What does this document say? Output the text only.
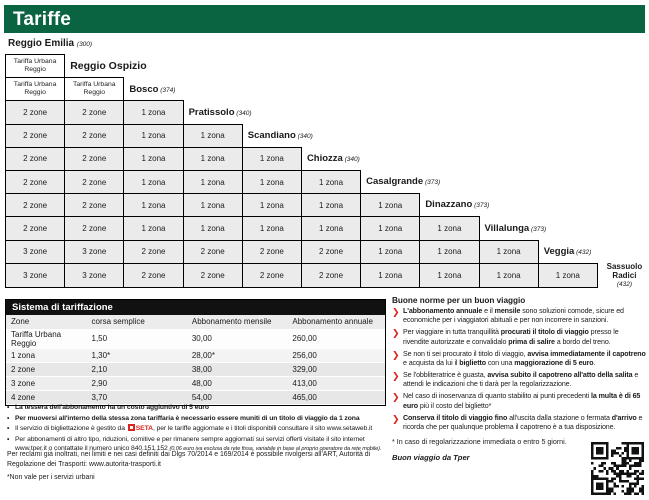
Tariffe
Reggio Emilia (300)
Tariffa Urbana Reggio	Reggio Ospizio									
Tariffa Urbana Reggio	Tariffa Urbana Reggio	Bosco (374)								
2 zone	2 zone	1 zona	Pratissolo (340)							
2 zone	2 zone	1 zona	1 zona	Scandiano (340)						
2 zone	2 zone	1 zona	1 zona	1 zona	Chiozza (340)					
2 zone	2 zone	1 zona	1 zona	1 zona	1 zona	Casalgrande (373)				
2 zone	2 zone	1 zona	1 zona	1 zona	1 zona	1 zona	Dinazzano (373)			
2 zone	2 zone	1 zona	1 zona	1 zona	1 zona	1 zona	1 zona	Villalunga (373)		
3 zone	3 zone	2 zone	2 zone	2 zone	2 zone	1 zona	1 zona	1 zona	Veggia (432)	
3 zone	3 zone	2 zone	2 zone	2 zone	2 zone	1 zona	1 zona	1 zona	1 zona	Sassuolo Radici
(432)
Sistema di tariffazione
Zone	corsa semplice	Abbonamento mensile	Abbonamento annuale
Tariffa Urbana Reggio	1,50	30,00	260,00
1 zona	1,30*	28,00*	256,00
2 zone	2,10	38,00	329,00
3 zone	2,90	48,00	413,00
4 zone	3,70	54,00	465,00
• La tessera dell'abbonamento ha un costo aggiuntivo di 5 euro
• Per muoversi all'interno della stessa zona tariffaria è necessario essere muniti di un titolo di viaggio da 1 zona
• Il servizio di bigliettazione è gestito da SETA, per le tariffe aggiornate e i titoli disponibili consultare il sito www.setaweb.it
• Per abbonamenti di altro tipo, riduzioni, comitive e per rimanere sempre aggiornati sui servizi offerti visitate il sito internet www.tper.it o contattate il numero unico 840.151.152 (0,06 euro iva esclusa da rete fissa, variabile in base al proprio operatore da rete mobile).

Per reclami già inoltrati, nei limiti e nei casi definiti dai Dlgs 70/2014 e 169/2014 è possibile rivolgersi all'ART, Autorità di Regolazione dei Trasporti: www.autorita-trasporti.it

*Non vale per i servizi urbani

Buone norme per un buon viaggio
❯ L'abbonamento annuale e il mensile sono soluzioni comode, sicure ed economiche per i viaggiatori abituali e per non incorrere in sanzioni.
❯ Per viaggiare in tutta tranquillità procurati il titolo di viaggio presso le rivendite autorizzate e convalidalo prima di salire a bordo del treno.
❯ Se non ti sei procurato il titolo di viaggio, avvisa immediatamente il capotreno e acquista da lui il biglietto con una maggiorazione di 5 euro.
❯ Se l'obbliteratrice è guasta, avvisa subito il capotreno all'atto della salita e attendi le indicazioni che ti darà per la regolarizzazione.
❯ Nel caso di inoservanza di quanto stabilito ai punti precedenti la multa è di 65 euro più il costo del biglietto*
❯ Conserva il titolo di viaggio fino all'uscita dalla stazione o fermata d'arrivo e ricorda che per qualunque problema il capotreno è a tua disposizione.

* In caso di regolarizzazione immediata o entro 5 giorni.

Buon viaggio da Tper
